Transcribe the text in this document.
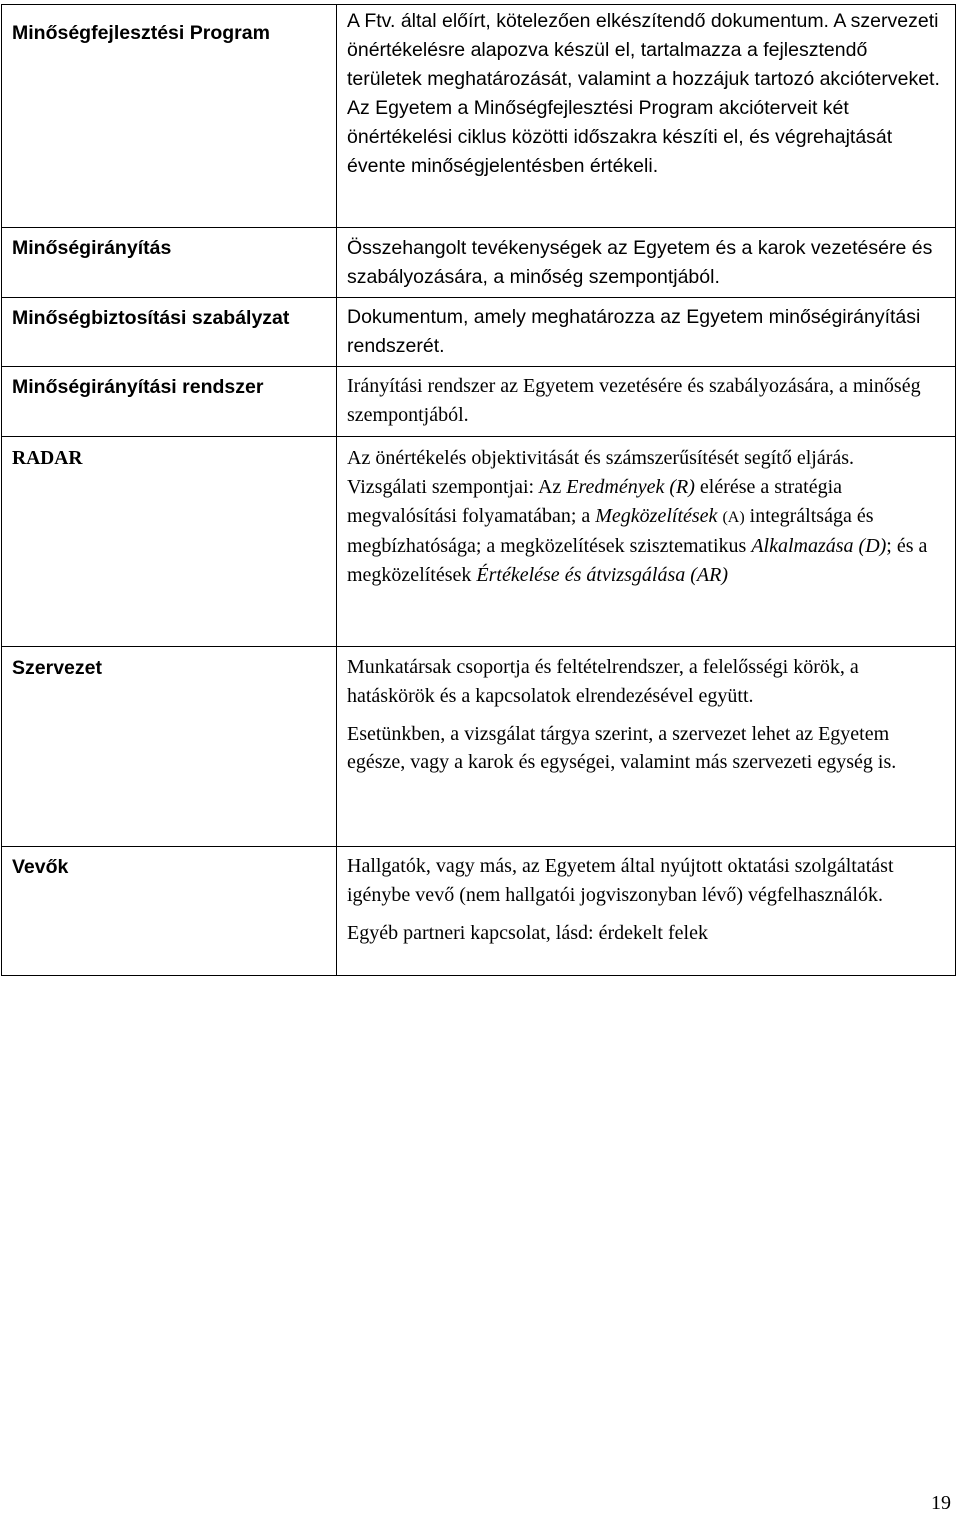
Minőségfejlesztési Program	A Ftv. által előírt, kötelezően elkészítendő dokumentum. A szervezeti önértékelésre alapozva készül el, tartalmazza a fejlesztendő területek meghatározását, valamint a hozzájuk tartozó akcióterveket. Az Egyetem a Minőségfejlesztési Program akcióterveit két önértékelési ciklus közötti időszakra készíti el, és végrehajtását évente minőségjelentésben értékeli.

Minőségirányítás	Összehangolt tevékenységek az Egyetem és a karok vezetésére és szabályozására, a minőség szempontjából.

Minőségbiztosítási szabályzat	Dokumentum, amely meghatározza az Egyetem minőségirányítási rendszerét.

Minőségirányítási rendszer	Irányítási rendszer az Egyetem vezetésére és szabályozására, a minőség szempontjából.

RADAR	Az önértékelés objektivitását és számszerűsítését segítő eljárás.

Vizsgálati szempontjai: Az Eredmények (R) elérése a stratégia megvalósítási folyamatában; a Megközelítések (A) integráltsága és megbízhatósága; a megközelítések szisztematikus Alkalmazása (D); és a megközelítések Értékelése és átvizsgálása (AR)

Szervezet	Munkatársak csoportja és feltételrendszer, a felelősségi körök, a hatáskörök és a kapcsolatok elrendezésével együtt.

Esetünkben, a vizsgálat tárgya szerint, a szervezet lehet az Egyetem egésze, vagy a karok és egységei, valamint más szervezeti egység is.

Vevők	Hallgatók, vagy más, az Egyetem által nyújtott oktatási szolgáltatást igénybe vevő (nem hallgatói jogviszonyban lévő) végfelhasználók.

Egyéb partneri kapcsolat, lásd: érdekelt felek

19
